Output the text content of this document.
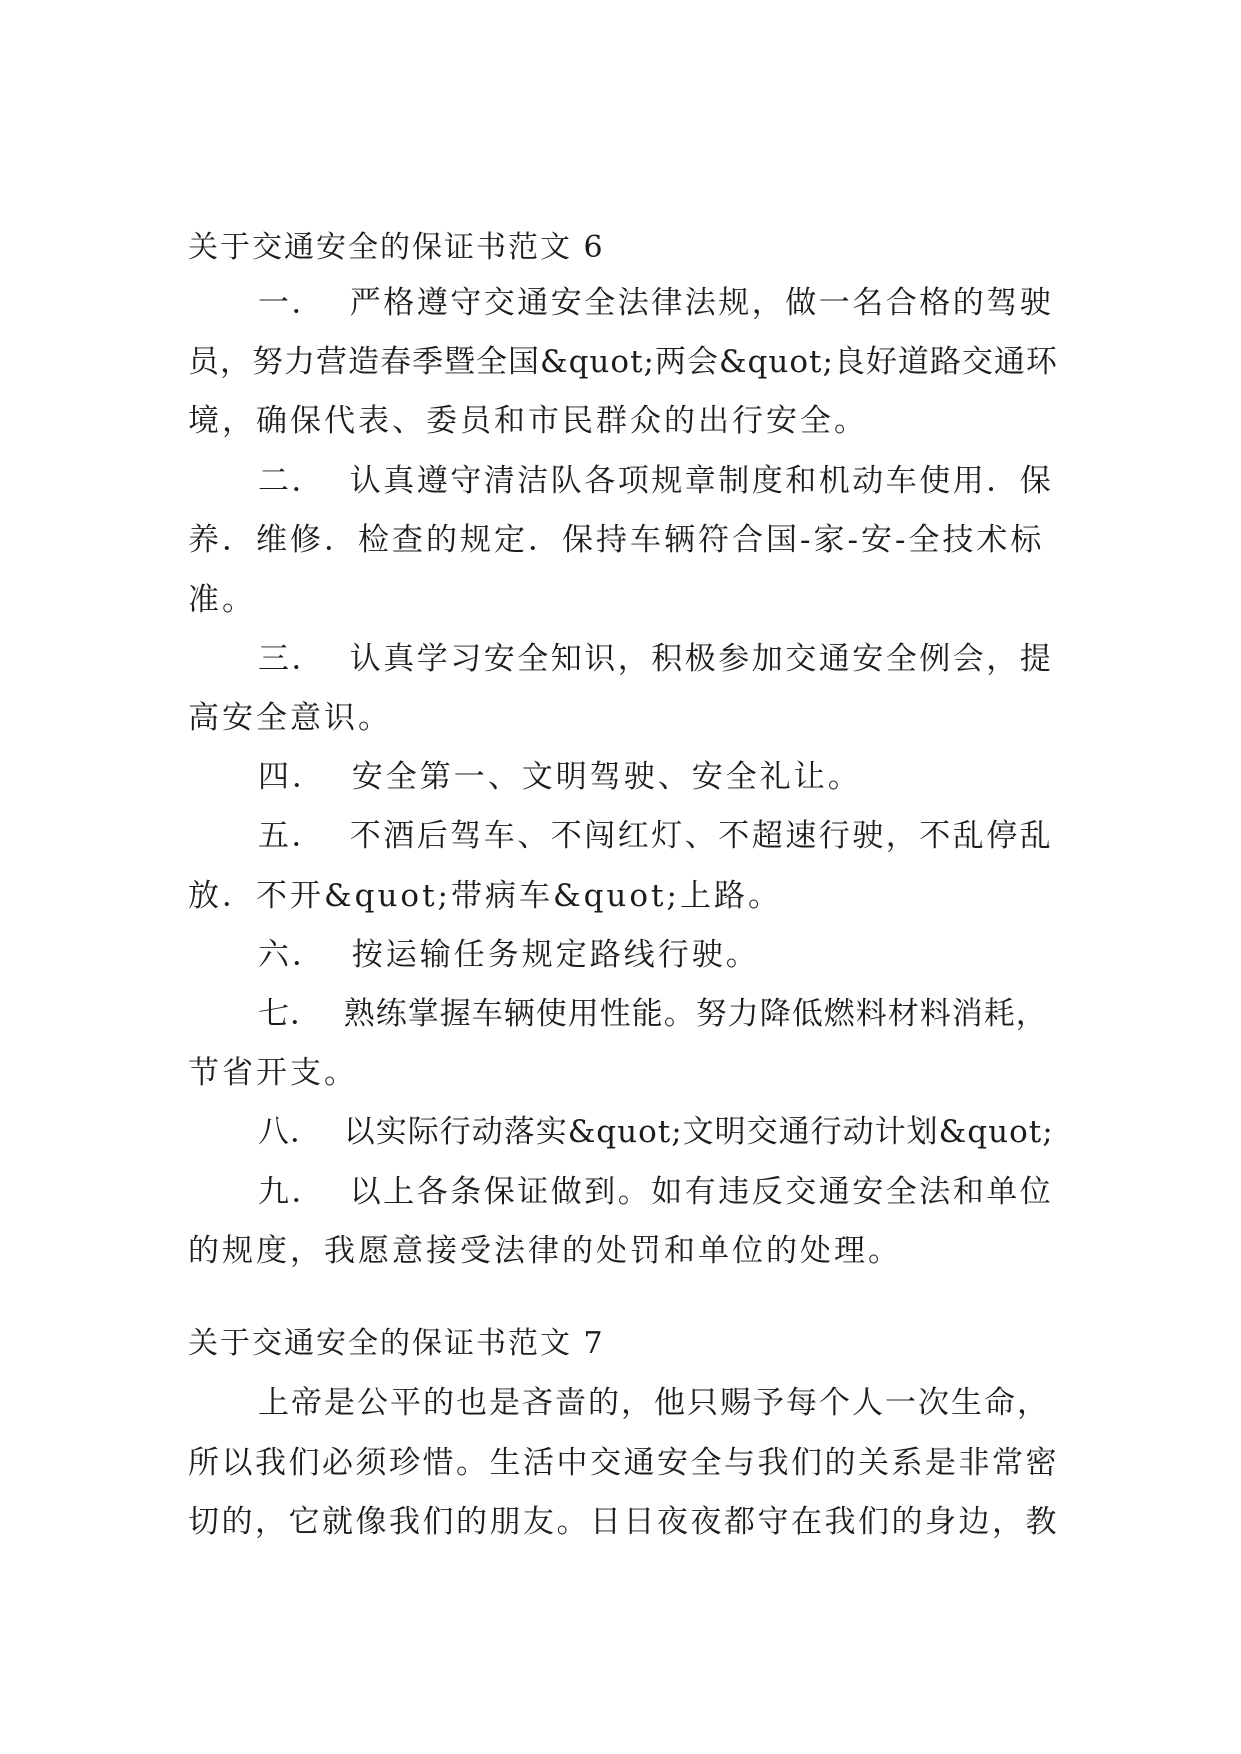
关于交通安全的保证书范文 6
一．  严格遵守交通安全法律法规，做一名合格的驾驶
员，努力营造春季暨全国&quot;两会&quot;良好道路交通环
境，确保代表、委员和市民群众的出行安全。
二．  认真遵守清洁队各项规章制度和机动车使用．保
养．维修．检查的规定．保持车辆符合国-家-安-全技术标
准。
三．  认真学习安全知识，积极参加交通安全例会，提
高安全意识。
四．  安全第一、文明驾驶、安全礼让。
五．  不酒后驾车、不闯红灯、不超速行驶，不乱停乱
放．不开&quot;带病车&quot;上路。
六．  按运输任务规定路线行驶。
七．  熟练掌握车辆使用性能。努力降低燃料材料消耗，
节省开支。
八．  以实际行动落实&quot;文明交通行动计划&quot;
九．  以上各条保证做到。如有违反交通安全法和单位
的规度，我愿意接受法律的处罚和单位的处理。
关于交通安全的保证书范文 7
上帝是公平的也是吝啬的，他只赐予每个人一次生命，
所以我们必须珍惜。生活中交通安全与我们的关系是非常密
切的，它就像我们的朋友。日日夜夜都守在我们的身边，教
